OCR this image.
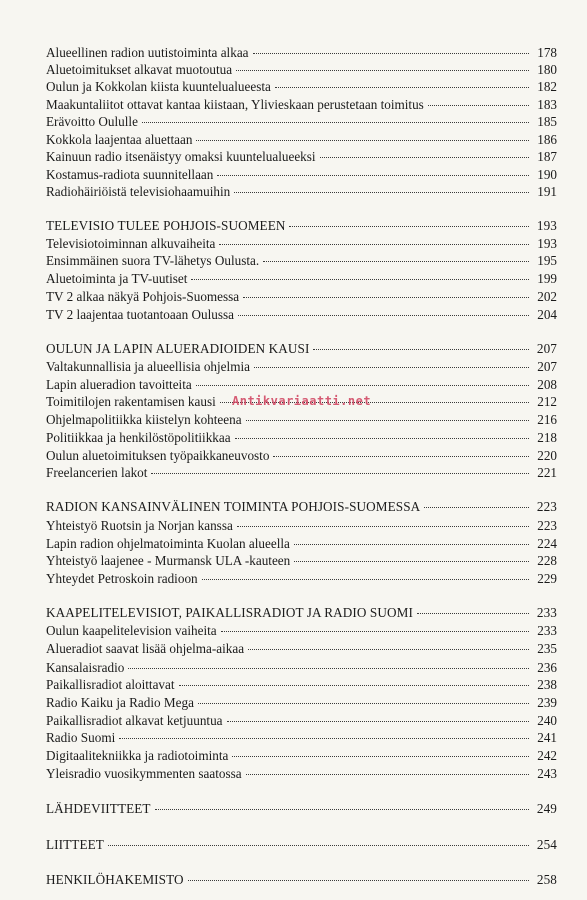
Alueellinen radion uutistoiminta alkaa	178
Aluetoimitukset alkavat muotoutua	180
Oulun ja Kokkolan kiista kuuntelualueesta	182
Maakuntaliitot ottavat kantaa kiistaan, Ylivieskaan perustetaan toimitus	183
Erävoitto Oululle	185
Kokkola laajentaa aluettaan	186
Kainuun radio itsenäistyy omaksi kuuntelualueeksi	187
Kostamus-radiota suunnitellaan	190
Radiohäiriöistä televisiohaamuihin	191
TELEVISIO TULEE POHJOIS-SUOMEEN	193
Televisiotoiminnan alkuvaiheita	193
Ensimmäinen suora TV-lähetys Oulusta.	195
Aluetoiminta ja TV-uutiset	199
TV 2 alkaa näkyä Pohjois-Suomessa	202
TV 2 laajentaa tuotantoaan Oulussa	204
OULUN JA LAPIN ALUERADIOIDEN KAUSI	207
Valtakunnallisia ja alueellisia ohjelmia	207
Lapin alueradion tavoitteita	208
Toimitilojen rakentamisen kausi	212
Ohjelmapolitiikka kiistelyn kohteena	216
Politiikkaa ja henkilöstöpolitiikkaa	218
Oulun aluetoimituksen työpaikkaneuvosto	220
Freelancerien lakot	221
RADION KANSAINVÄLINEN TOIMINTA POHJOIS-SUOMESSA	223
Yhteistyö Ruotsin ja Norjan kanssa	223
Lapin radion ohjelmatoiminta Kuolan alueella	224
Yhteistyö laajenee - Murmansk ULA -kauteen	228
Yhteydet Petroskoin radioon	229
KAAPELITELEVISIOT, PAIKALLISRADIOT JA RADIO SUOMI	233
Oulun kaapelitelevision vaiheita	233
Alueradiot saavat lisää ohjelma-aikaa	235
Kansalaisradio	236
Paikallisradiot aloittavat	238
Radio Kaiku ja Radio Mega	239
Paikallisradiot alkavat ketjuuntua	240
Radio Suomi	241
Digitaalitekniikka ja radiotoiminta	242
Yleisradio vuosikymmenten saatossa	243
LÄHDEVIITTEET	249
LIITTEET	254
HENKILÖHAKEMISTO	258
Antikvariaatti.net
